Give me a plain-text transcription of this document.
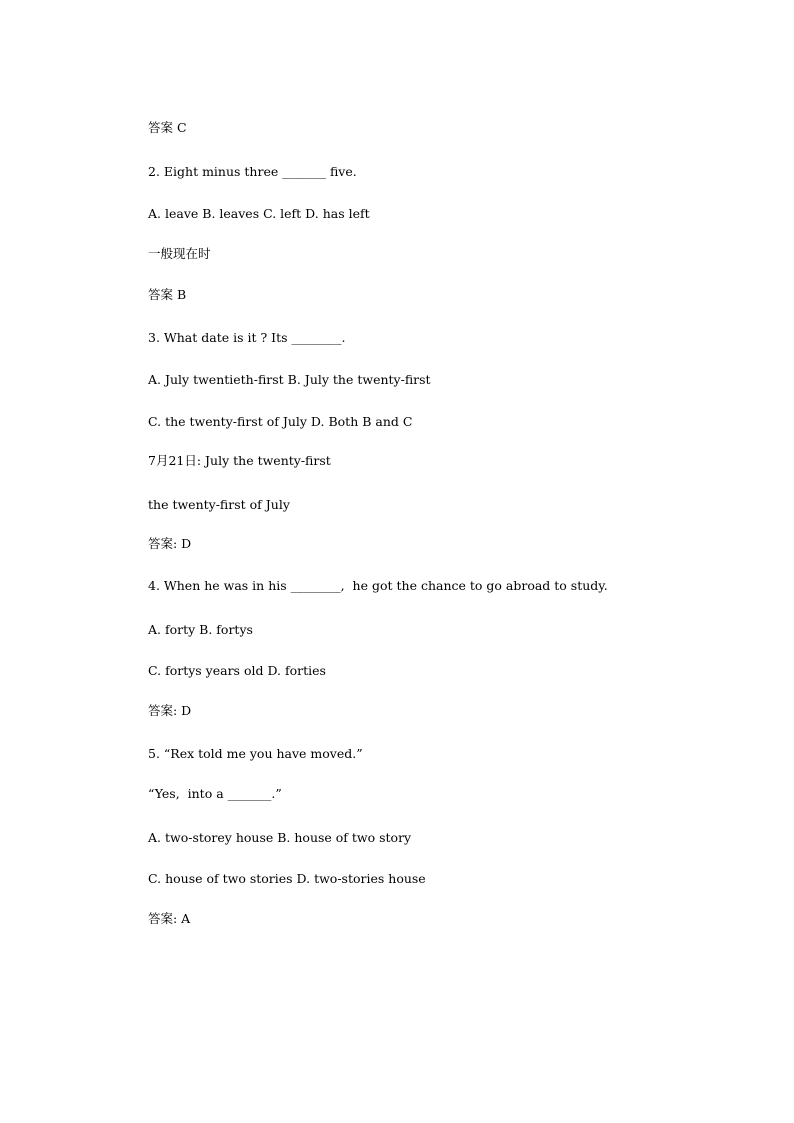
答案 C

2. Eight minus three _______ five.

A. leave B. leaves C. left D. has left

一般现在时

答案 B

3. What date is it ? Its ________.

A. July twentieth-first B. July the twenty-first

C. the twenty-first of July D. Both B and C

7月21日: July the twenty-first

the twenty-first of July

答案: D

4. When he was in his ________,  he got the chance to go abroad to study.

A. forty B. fortys

C. fortys years old D. forties

答案: D

5. “Rex told me you have moved.”

“Yes,  into a _______.”

A. two-storey house B. house of two story

C. house of two stories D. two-stories house

答案: A
